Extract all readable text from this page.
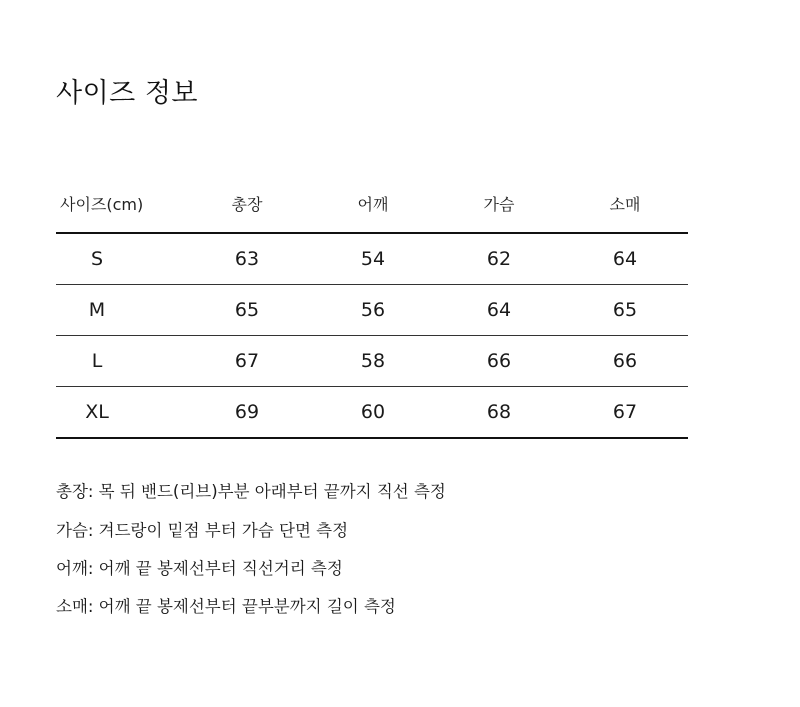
사이즈 정보
사이즈(cm)	총장	어깨	가슴	소매
S	63	54	62	64
M	65	56	64	65
L	67	58	66	66
XL	69	60	68	67
총장: 목 뒤 밴드(리브)부분 아래부터 끝까지 직선 측정
가슴: 겨드랑이 밑점 부터 가슴 단면 측정
어깨: 어깨 끝 봉제선부터 직선거리 측정
소매: 어깨 끝 봉제선부터 끝부분까지 길이 측정
